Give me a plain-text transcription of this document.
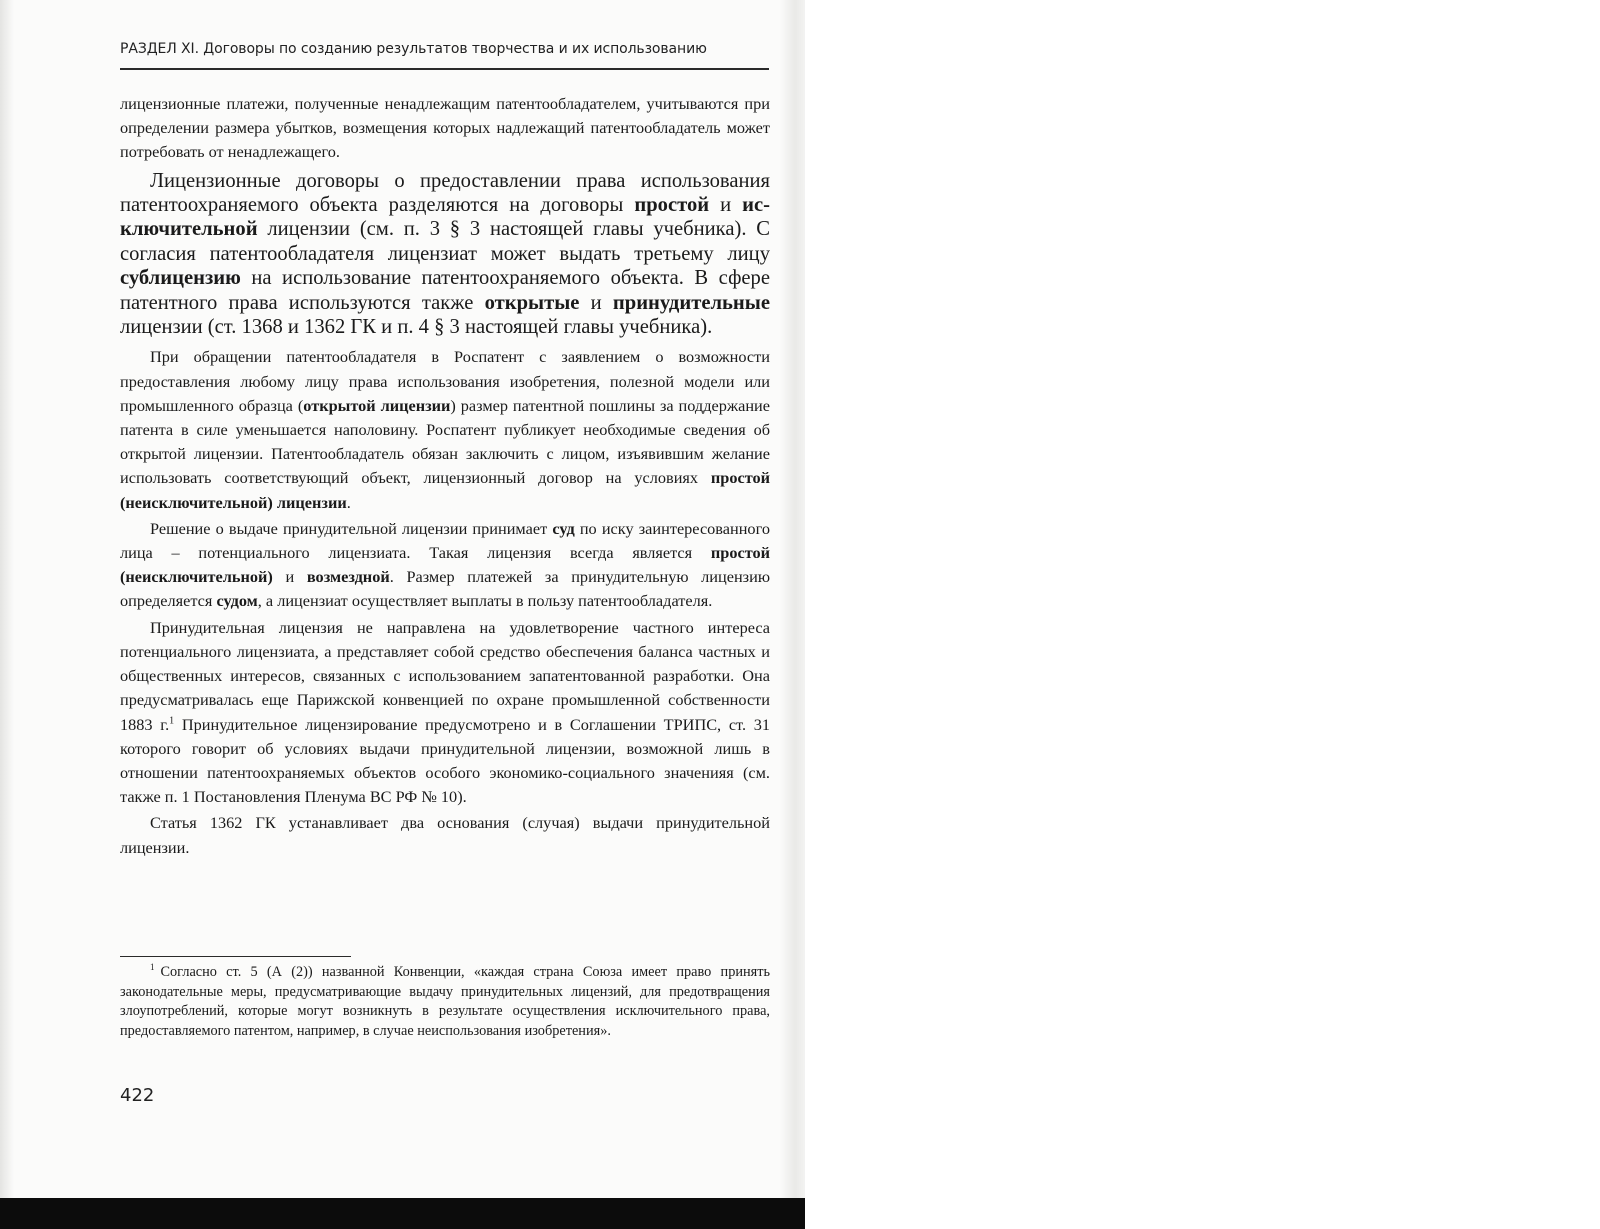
РАЗДЕЛ XI. Договоры по созданию результатов творчества и их использованию

лицензионные платежи, полученные ненадлежащим патентообладателем, учитываются при определении размера убытков, возмещения которых надлежащий патентообладатель может потребовать от ненадлежащего.

Лицензионные договоры о предоставлении права использования патентоохраняемого объекта разделяются на договоры простой и исключительной лицензии (см. п. 3 § 3 настоящей главы учебника). С согласия патентообладателя лицензиат может выдать третьему лицу сублицензию на использование патентоохраняемого объекта. В сфере патентного права используются также открытые и принудительные лицензии (ст. 1368 и 1362 ГК и п. 4 § 3 настоящей главы учебника).

При обращении патентообладателя в Роспатент с заявлением о возможности предоставления любому лицу права использования изобретения, полезной модели или промышленного образца (открытой лицензии) размер патентной пошлины за поддержание патента в силе уменьшается наполовину. Роспатент публикует необходимые сведения об открытой лицензии. Патентообладатель обязан заключить с лицом, изъявившим желание использовать соответствующий объект, лицензионный договор на условиях простой (неисключительной) лицензии.

Решение о выдаче принудительной лицензии принимает суд по иску заинтересованного лица – потенциального лицензиата. Такая лицензия всегда является простой (неисключительной) и возмездной. Размер платежей за принудительную лицензию определяется судом, а лицензиат осуществляет выплаты в пользу патентообладателя.

Принудительная лицензия не направлена на удовлетворение частного интереса потенциального лицензиата, а представляет собой средство обеспечения баланса частных и общественных интересов, связанных с использованием запатентованной разработки. Она предусматривалась еще Парижской конвенцией по охране промышленной собственности 1883 г.$^1$ Принудительное лицензирование предусмотрено и в Соглашении ТРИПС, ст. 31 которого говорит об условиях выдачи принудительной лицензии, возможной лишь в отношении патентоохраняемых объектов особого экономико-социального значенияя (см. также п. 1 Постановления Пленума ВС РФ № 10).

Статья 1362 ГК устанавливает два основания (случая) выдачи принудительной лицензии.

$^1$ Согласно ст. 5 (А (2)) названной Конвенции, «каждая страна Союза имеет право принять законодательные меры, предусматривающие выдачу принудительных лицензий, для предотвращения злоупотреблений, которые могут возникнуть в результате осуществления исключительного права, предоставляемого патентом, например, в случае неиспользования изобретения».

422
